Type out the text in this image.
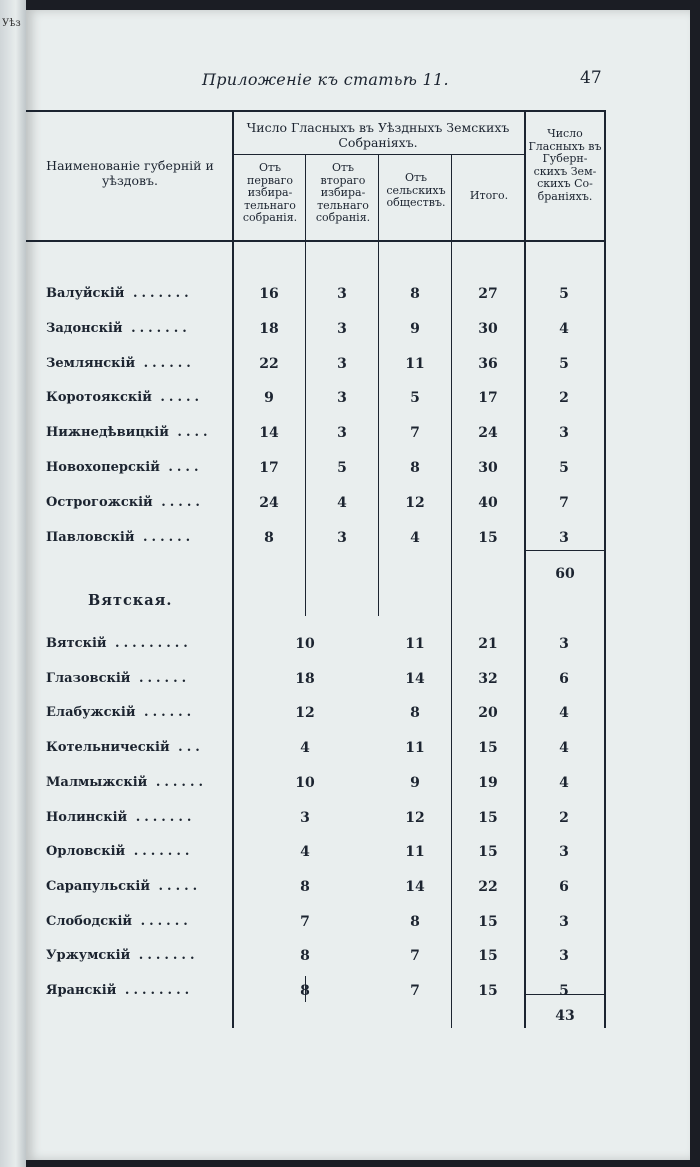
Уѣз
Приложенiе къ статьѣ 11.	47
Наименованiе губернiй и уѣздовъ.
Число Гласныхъ въ Уѣздныхъ Земскихъ Собранiяхъ.
Отъ перваго избира-тельнаго собранiя.
Отъ втораго избира-тельнаго собранiя.
Отъ сельскихъ обществъ.
Итого.
Число Гласныхъ въ Губерн-скихъ Зем-скихъ Со-бранiяхъ.
Валуйскiй .......	16	3	8	27	5
Задонскiй .......	18	3	9	30	4
Землянскiй ......	22	3	11	36	5
Коротоякскiй .....	9	3	5	17	2
Нижнедѣвицкiй ....	14	3	7	24	3
Новохоперскiй ....	17	5	8	30	5
Острогожскiй .....	24	4	12	40	7
Павловскiй ......	8	3	4	15	3
60
Вятская.
Вятскiй .........	10	11	21	3
Глазовскiй ......	18	14	32	6
Елабужскiй ......	12	8	20	4
Котельническiй ...	4	11	15	4
Малмыжскiй ......	10	9	19	4
Нолинскiй .......	3	12	15	2
Орловскiй .......	4	11	15	3
Сарапульскiй .....	8	14	22	6
Слободскiй ......	7	8	15	3
Уржумскiй .......	8	7	15	3
Яранскiй ........	8	7	15	5
43
